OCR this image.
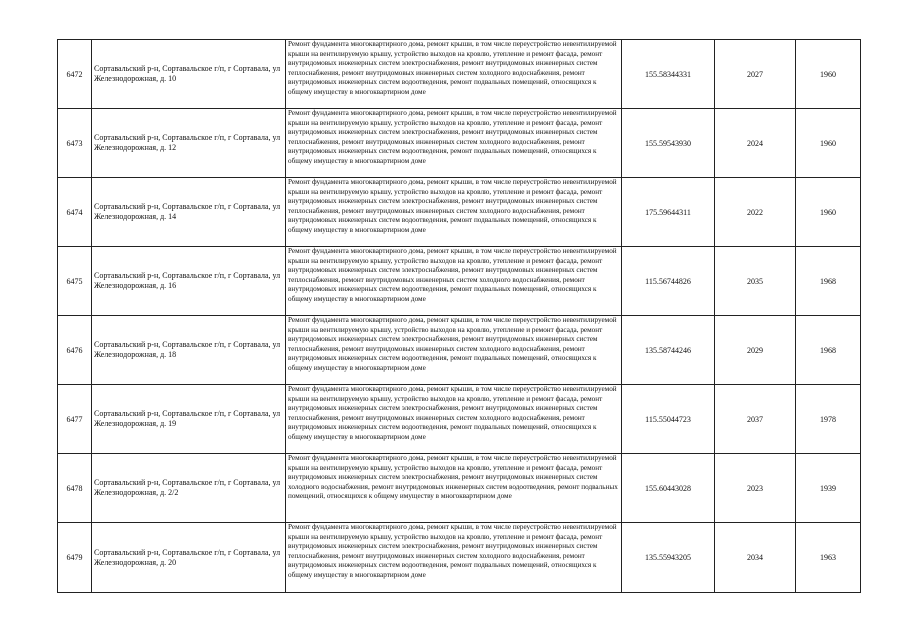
6472	Сортавальский р-н, Сортавальское г/п, г Сортавала, ул Железнодорожная, д. 10	Ремонт фундамента многоквартирного дома, ремонт крыши, в том числе переустройство невентилируемой крыши на вентилируемую крышу, устройство выходов на кровлю, утепление и ремонт фасада, ремонт внутридомовых инженерных систем электроснабжения, ремонт внутридомовых инженерных систем теплоснабжения, ремонт внутридомовых инженерных систем холодного водоснабжения, ремонт внутридомовых инженерных систем водоотведения, ремонт подвальных помещений, относящихся к общему имуществу в многоквартирном доме	155.58344331	2027	1960
6473	Сортавальский р-н, Сортавальское г/п, г Сортавала, ул Железнодорожная, д. 12	Ремонт фундамента многоквартирного дома, ремонт крыши, в том числе переустройство невентилируемой крыши на вентилируемую крышу, устройство выходов на кровлю, утепление и ремонт фасада, ремонт внутридомовых инженерных систем электроснабжения, ремонт внутридомовых инженерных систем теплоснабжения, ремонт внутридомовых инженерных систем холодного водоснабжения, ремонт внутридомовых инженерных систем водоотведения, ремонт подвальных помещений, относящихся к общему имуществу в многоквартирном доме	155.59543930	2024	1960
6474	Сортавальский р-н, Сортавальское г/п, г Сортавала, ул Железнодорожная, д. 14	Ремонт фундамента многоквартирного дома, ремонт крыши, в том числе переустройство невентилируемой крыши на вентилируемую крышу, устройство выходов на кровлю, утепление и ремонт фасада, ремонт внутридомовых инженерных систем электроснабжения, ремонт внутридомовых инженерных систем теплоснабжения, ремонт внутридомовых инженерных систем холодного водоснабжения, ремонт внутридомовых инженерных систем водоотведения, ремонт подвальных помещений, относящихся к общему имуществу в многоквартирном доме	175.59644311	2022	1960
6475	Сортавальский р-н, Сортавальское г/п, г Сортавала, ул Железнодорожная, д. 16	Ремонт фундамента многоквартирного дома, ремонт крыши, в том числе переустройство невентилируемой крыши на вентилируемую крышу, устройство выходов на кровлю, утепление и ремонт фасада, ремонт внутридомовых инженерных систем электроснабжения, ремонт внутридомовых инженерных систем теплоснабжения, ремонт внутридомовых инженерных систем холодного водоснабжения, ремонт внутридомовых инженерных систем водоотведения, ремонт подвальных помещений, относящихся к общему имуществу в многоквартирном доме	115.56744826	2035	1968
6476	Сортавальский р-н, Сортавальское г/п, г Сортавала, ул Железнодорожная, д. 18	Ремонт фундамента многоквартирного дома, ремонт крыши, в том числе переустройство невентилируемой крыши на вентилируемую крышу, устройство выходов на кровлю, утепление и ремонт фасада, ремонт внутридомовых инженерных систем электроснабжения, ремонт внутридомовых инженерных систем теплоснабжения, ремонт внутридомовых инженерных систем холодного водоснабжения, ремонт внутридомовых инженерных систем водоотведения, ремонт подвальных помещений, относящихся к общему имуществу в многоквартирном доме	135.58744246	2029	1968
6477	Сортавальский р-н, Сортавальское г/п, г Сортавала, ул Железнодорожная, д. 19	Ремонт фундамента многоквартирного дома, ремонт крыши, в том числе переустройство невентилируемой крыши на вентилируемую крышу, устройство выходов на кровлю, утепление и ремонт фасада, ремонт внутридомовых инженерных систем электроснабжения, ремонт внутридомовых инженерных систем теплоснабжения, ремонт внутридомовых инженерных систем холодного водоснабжения, ремонт внутридомовых инженерных систем водоотведения, ремонт подвальных помещений, относящихся к общему имуществу в многоквартирном доме	115.55044723	2037	1978
6478	Сортавальский р-н, Сортавальское г/п, г Сортавала, ул Железнодорожная, д. 2/2	Ремонт фундамента многоквартирного дома, ремонт крыши, в том числе переустройство невентилируемой крыши на вентилируемую крышу, устройство выходов на кровлю, утепление и ремонт фасада, ремонт внутридомовых инженерных систем электроснабжения, ремонт внутридомовых инженерных систем холодного водоснабжения, ремонт внутридомовых инженерных систем водоотведения, ремонт подвальных помещений, относящихся к общему имуществу в многоквартирном доме	155.60443028	2023	1939
6479	Сортавальский р-н, Сортавальское г/п, г Сортавала, ул Железнодорожная, д. 20	Ремонт фундамента многоквартирного дома, ремонт крыши, в том числе переустройство невентилируемой крыши на вентилируемую крышу, устройство выходов на кровлю, утепление и ремонт фасада, ремонт внутридомовых инженерных систем электроснабжения, ремонт внутридомовых инженерных систем теплоснабжения, ремонт внутридомовых инженерных систем холодного водоснабжения, ремонт внутридомовых инженерных систем водоотведения, ремонт подвальных помещений, относящихся к общему имуществу в многоквартирном доме	135.55943205	2034	1963
